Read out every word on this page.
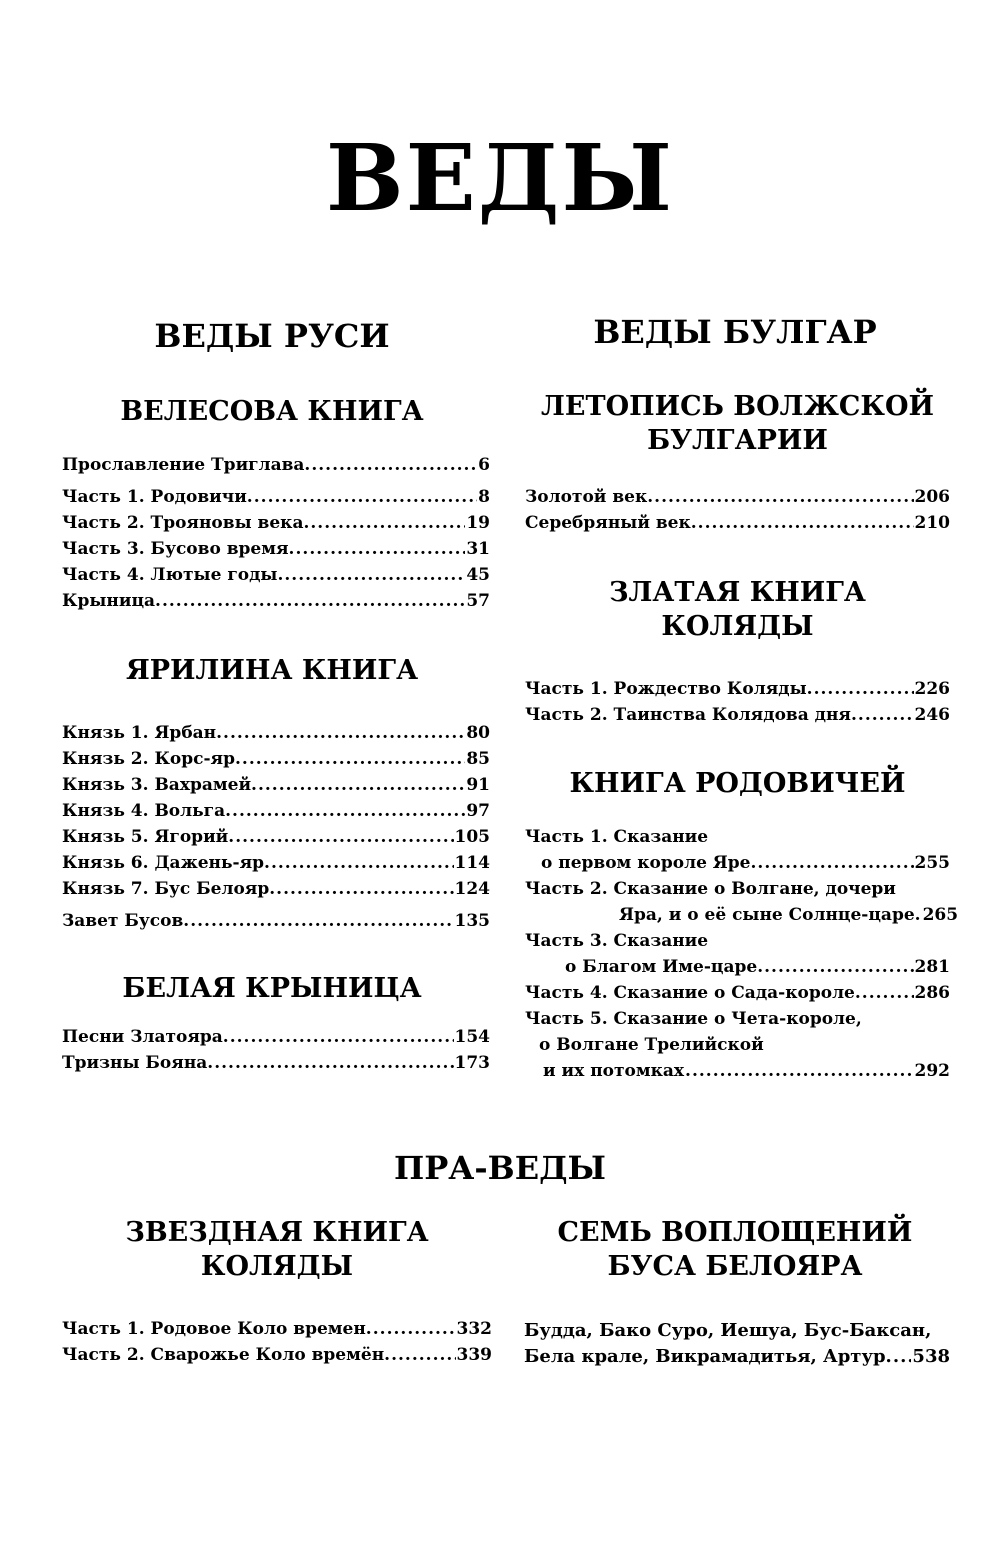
ВЕДЫ
ВЕДЫ РУСИ
ВЕЛЕСОВА КНИГА
Прославление Триглава. .....	6
Часть 1. Родовичи. .....	8
Часть 2. Трояновы века. .....	19
Часть 3. Бусово время. .....	31
Часть 4. Лютые годы. .....	45
Крыница. .....	57
ЯРИЛИНА КНИГА
Князь 1. Ярбан. .....	80
Князь 2. Корс-яр. .....	85
Князь 3. Вахрамей. .....	91
Князь 4. Вольга. .....	97
Князь 5. Ягорий. .....	105
Князь 6. Дажень-яр. .....	114
Князь 7. Бус Белояр. .....	124
Завет Бусов. .....	135
БЕЛАЯ КРЫНИЦА
Песни Златояра. .....	154
Тризны Бояна. .....	173
ВЕДЫ БУЛГАР
ЛЕТОПИСЬ ВОЛЖСКОЙ
БУЛГАРИИ
Золотой век. .....	206
Серебряный век. .....	210
ЗЛАТАЯ КНИГА
КОЛЯДЫ
Часть 1. Рождество Коляды. .....	226
Часть 2. Таинства Колядова дня. .....	246
КНИГА РОДОВИЧЕЙ
Часть 1. Сказание
о первом короле Яре. .....	255
Часть 2. Сказание о Волгане, дочери
Яра, и о её сыне Солнце-царе. 265
Часть 3. Сказание
о Благом Име-царе. .....	281
Часть 4. Сказание о Сада-короле. .....	286
Часть 5. Сказание о Чета-короле,
о Волгане Трелийской
и их потомках .....	292
ПРА-ВЕДЫ
ЗВЕЗДНАЯ КНИГА
КОЛЯДЫ
Часть 1. Родовое Коло времен. .....	332
Часть 2. Сварожье Коло времён. .....	339
СЕМЬ ВОПЛОЩЕНИЙ
БУСА БЕЛОЯРА
Будда, Бако Суро, Иешуа, Бус-Баксан,
Бела крале, Викрамадитья, Артур. ..... 538
